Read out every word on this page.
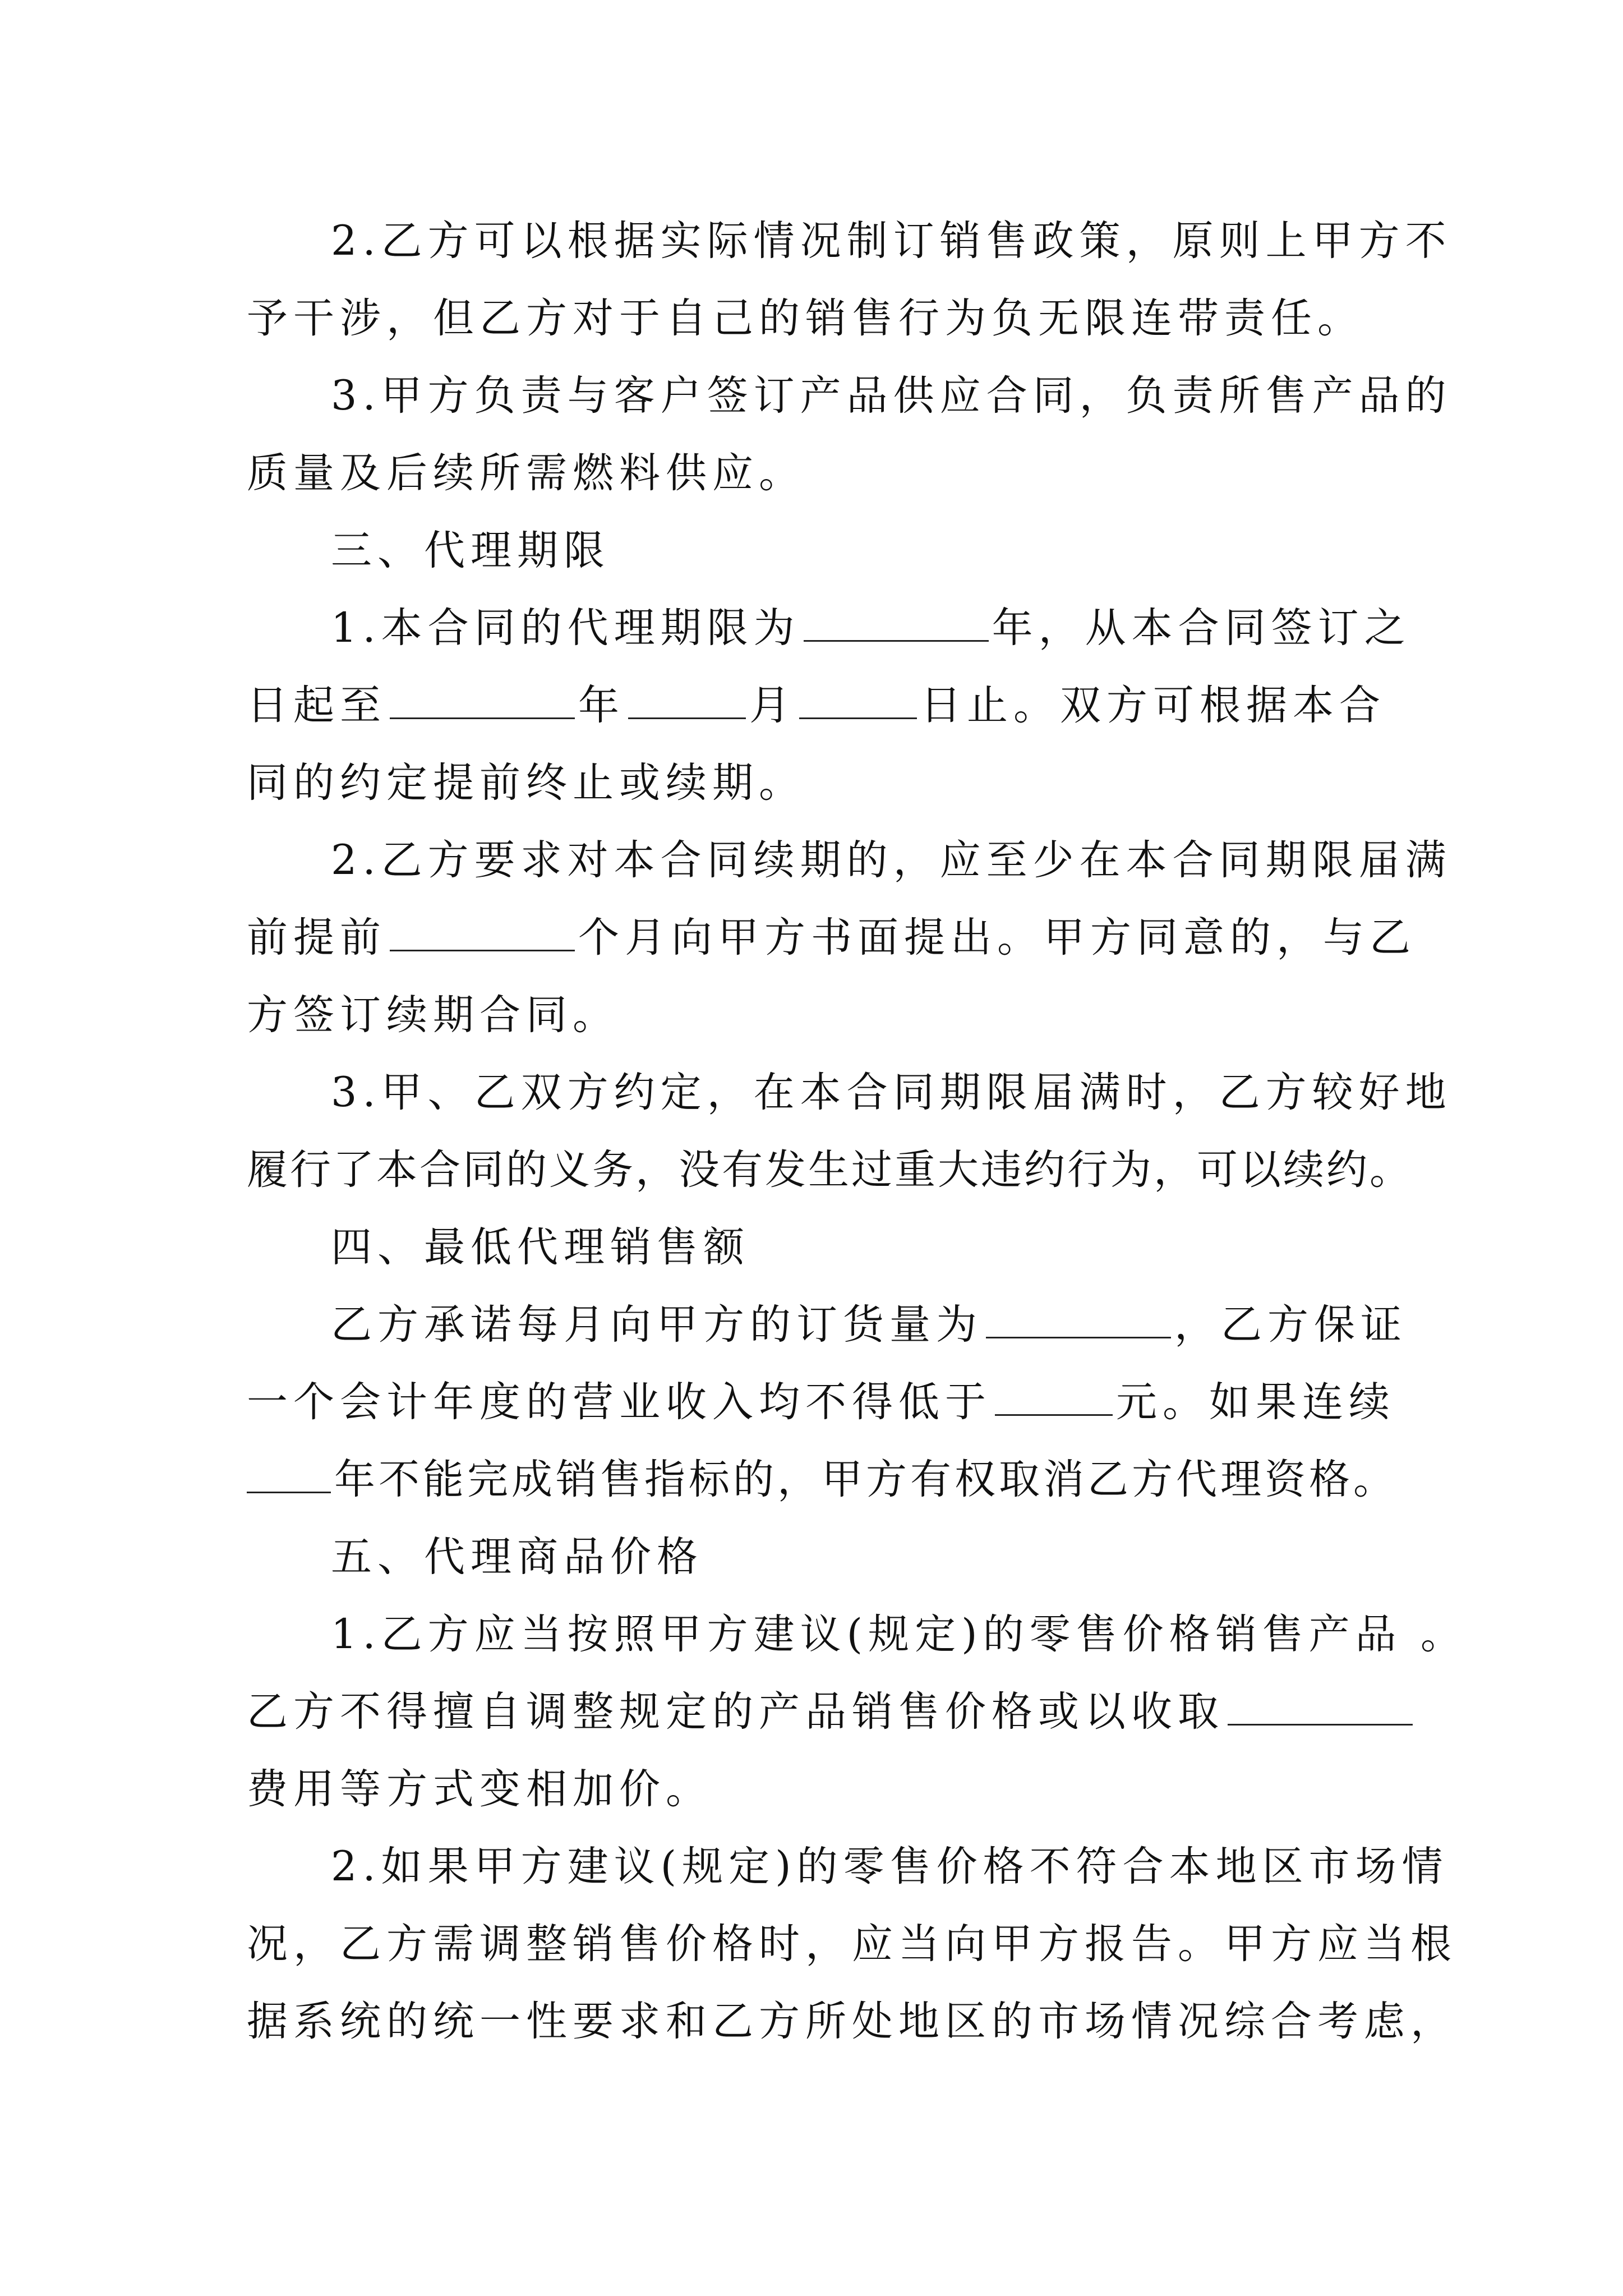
2.乙方可以根据实际情况制订销售政策，原则上甲方不
予干涉，但乙方对于自己的销售行为负无限连带责任。
3.甲方负责与客户签订产品供应合同，负责所售产品的
质量及后续所需燃料供应。
三、代理期限
1.本合同的代理期限为	年，从本合同签订之
日起至	年	月	日止。双方可根据本合
同的约定提前终止或续期。
2.乙方要求对本合同续期的，应至少在本合同期限届满
前提前	个月向甲方书面提出。甲方同意的，与乙
方签订续期合同。
3.甲、乙双方约定，在本合同期限届满时，乙方较好地
履行了本合同的义务，没有发生过重大违约行为，可以续约。
四、最低代理销售额
乙方承诺每月向甲方的订货量为	，乙方保证
一个会计年度的营业收入均不得低于	元。如果连续
年不能完成销售指标的，甲方有权取消乙方代理资格。
五、代理商品价格
1.乙方应当按照甲方建议(规定)的零售价格销售产品 。
乙方不得擅自调整规定的产品销售价格或以收取
费用等方式变相加价。
2.如果甲方建议(规定)的零售价格不符合本地区市场情
况，乙方需调整销售价格时，应当向甲方报告。甲方应当根
据系统的统一性要求和乙方所处地区的市场情况综合考虑，
